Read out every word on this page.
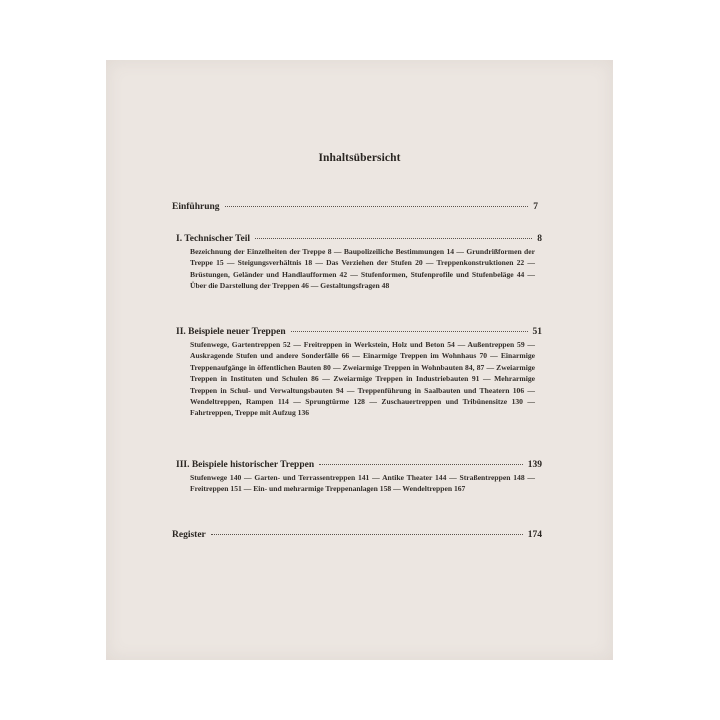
Inhaltsübersicht
Einführung	7
I. Technischer Teil	8
Bezeichnung der Einzelheiten der Treppe 8 — Baupolizeiliche Bestimmungen 14 — Grundrißformen der Treppe 15 — Steigungsverhältnis 18 — Das Verziehen der Stufen 20 — Treppenkonstruktionen 22 — Brüstungen, Geländer und Handlaufformen 42 — Stufenformen, Stufenprofile und Stufenbeläge 44 — Über die Darstellung der Treppen 46 — Gestaltungsfragen 48
II. Beispiele neuer Treppen	51
Stufenwege, Gartentreppen 52 — Freitreppen in Werkstein, Holz und Beton 54 — Außentreppen 59 — Auskragende Stufen und andere Sonderfälle 66 — Einarmige Treppen im Wohnhaus 70 — Einarmige Treppenaufgänge in öffentlichen Bauten 80 — Zweiarmige Treppen in Wohnbauten 84, 87 — Zweiarmige Treppen in Instituten und Schulen 86 — Zweiarmige Treppen in Industriebauten 91 — Mehrarmige Treppen in Schul- und Verwaltungsbauten 94 — Treppenführung in Saalbauten und Theatern 106 — Wendeltreppen, Rampen 114 — Sprungtürme 128 — Zuschauertreppen und Tribünensitze 130 — Fahrtreppen, Treppe mit Aufzug 136
III. Beispiele historischer Treppen	139
Stufenwege 140 — Garten- und Terrassentreppen 141 — Antike Theater 144 — Straßentreppen 148 — Freitreppen 151 — Ein- und mehrarmige Treppenanlagen 158 — Wendeltreppen 167
Register	174
